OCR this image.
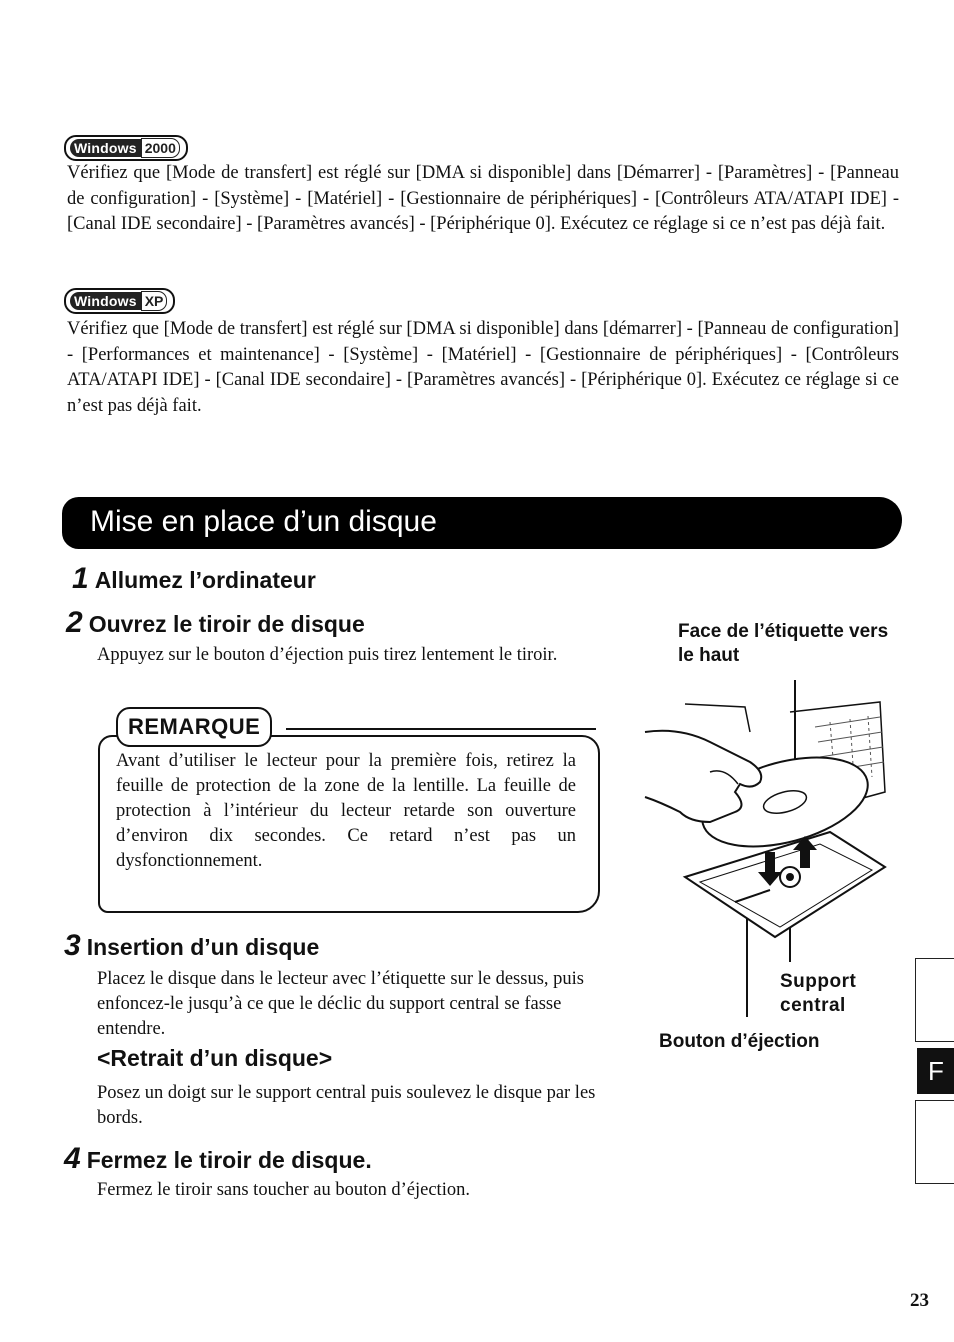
Windows 2000
Vérifiez que [Mode de transfert] est réglé sur [DMA si disponible] dans [Démarrer] - [Paramètres] - [Panneau de configuration] - [Système] - [Matériel] - [Gestionnaire de périphériques] - [Contrôleurs ATA/ATAPI IDE] - [Canal IDE secondaire] - [Paramètres avancés] - [Périphérique 0]. Exécutez ce réglage si ce n’est pas déjà fait.
Windows XP
Vérifiez que [Mode de transfert] est réglé sur [DMA si disponible] dans [démarrer] - [Panneau de configuration] - [Performances et maintenance] - [Système] - [Matériel] - [Gestionnaire de périphériques] - [Contrôleurs ATA/ATAPI IDE] - [Canal IDE secondaire] - [Paramètres avancés] - [Périphérique 0]. Exécutez ce réglage si ce n’est pas déjà fait.
Mise en place d’un disque
1 Allumez l’ordinateur
2 Ouvrez le tiroir de disque
Appuyez sur le bouton d’éjection puis tirez lentement le tiroir.
REMARQUE
Avant d’utiliser le lecteur pour la première fois, retirez la feuille de protection de la zone de la lentille. La feuille de protection à l’intérieur du lecteur retarde son ouverture d’environ dix secondes. Ce retard n’est pas un dysfonctionnement.
3 Insertion d’un disque
Placez le disque dans le lecteur avec l’étiquette sur le dessus, puis enfoncez-le jusqu’à ce que le déclic du support central se fasse entendre.
<Retrait d’un disque>
Posez un doigt sur le support central puis soulevez le disque par les bords.
4 Fermez le tiroir de disque.
Fermez le tiroir sans toucher au bouton d’éjection.
Face de l’étiquette vers le haut
Support central
Bouton d’éjection
F
23
